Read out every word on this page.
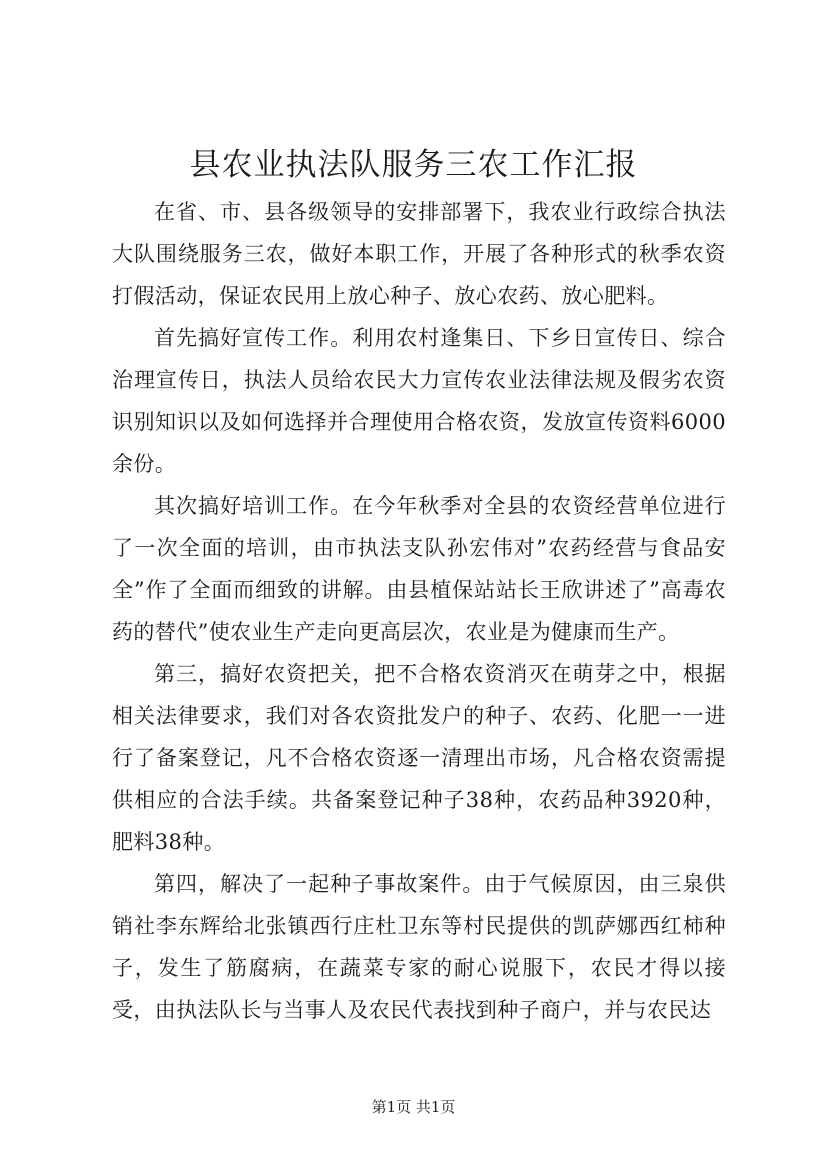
县农业执法队服务三农工作汇报

在省、市、县各级领导的安排部署下，我农业行政综合执法大队围绕服务三农，做好本职工作，开展了各种形式的秋季农资打假活动，保证农民用上放心种子、放心农药、放心肥料。

首先搞好宣传工作。利用农村逢集日、下乡日宣传日、综合治理宣传日，执法人员给农民大力宣传农业法律法规及假劣农资识别知识以及如何选择并合理使用合格农资，发放宣传资料6000余份。

其次搞好培训工作。在今年秋季对全县的农资经营单位进行了一次全面的培训，由市执法支队孙宏伟对”农药经营与食品安全”作了全面而细致的讲解。由县植保站站长王欣讲述了”高毒农药的替代”使农业生产走向更高层次，农业是为健康而生产。

第三，搞好农资把关，把不合格农资消灭在萌芽之中，根据相关法律要求，我们对各农资批发户的种子、农药、化肥一一进行了备案登记，凡不合格农资逐一清理出市场，凡合格农资需提供相应的合法手续。共备案登记种子38种，农药品种3920种，肥料38种。

第四，解决了一起种子事故案件。由于气候原因，由三泉供销社李东辉给北张镇西行庄杜卫东等村民提供的凯萨娜西红柿种子，发生了筋腐病，在蔬菜专家的耐心说服下，农民才得以接受，由执法队长与当事人及农民代表找到种子商户，并与农民达

第1页 共1页
